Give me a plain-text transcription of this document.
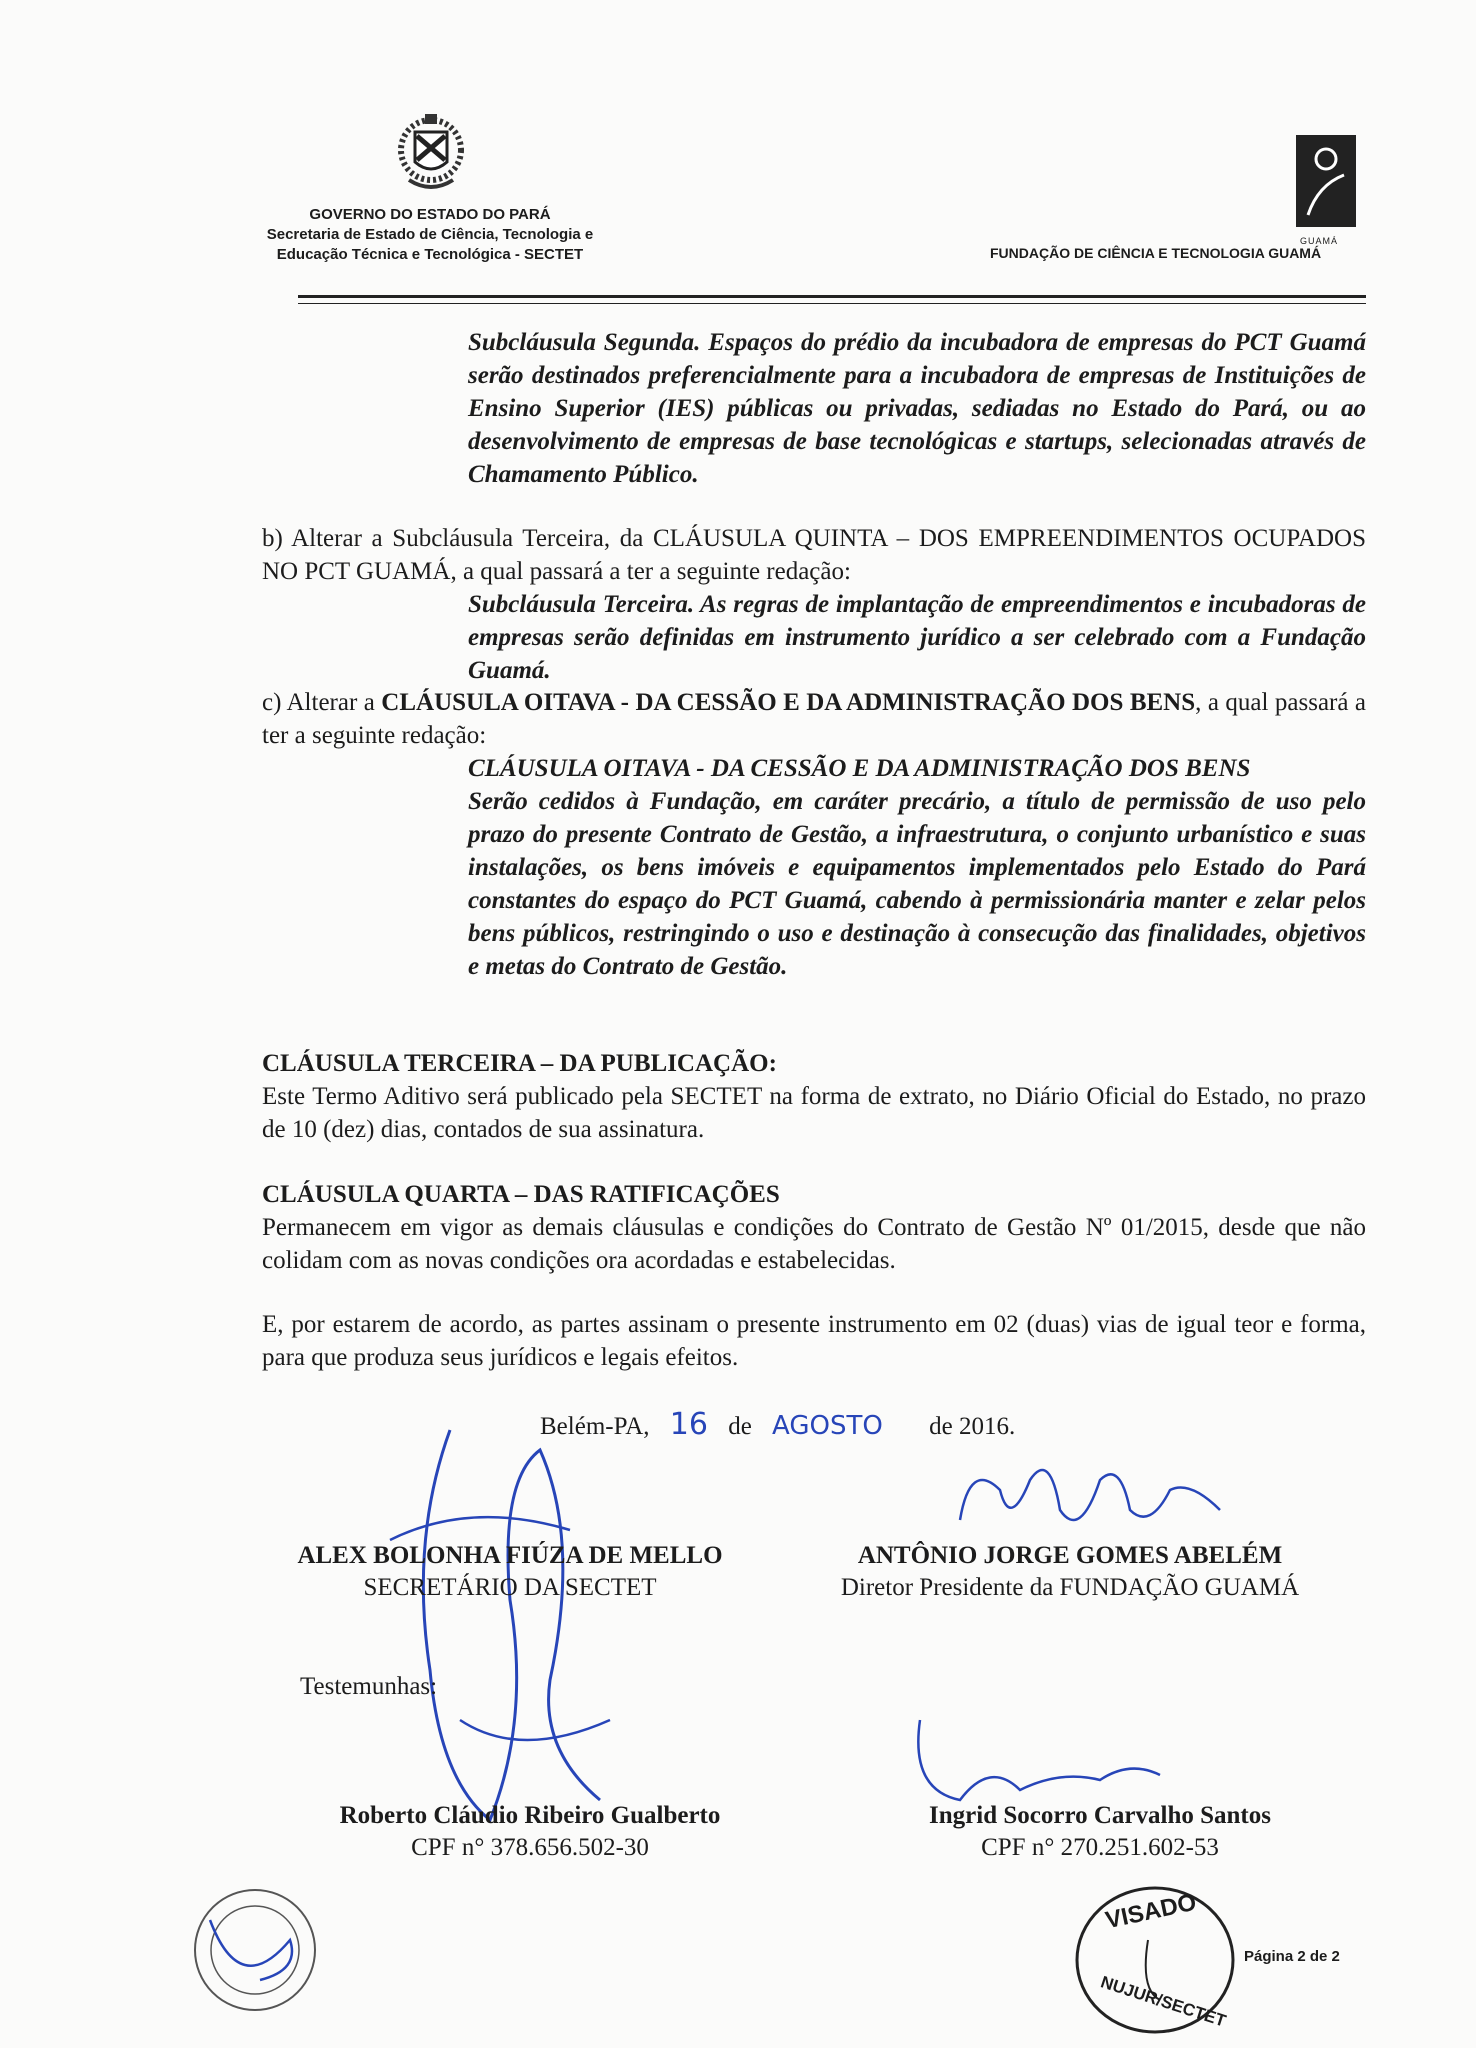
GOVERNO DO ESTADO DO PARÁ
Secretaria de Estado de Ciência, Tecnologia e
Educação Técnica e Tecnológica - SECTET
GUAMÁ
FUNDAÇÃO DE CIÊNCIA E TECNOLOGIA GUAMÁ

Subcláusula Segunda. Espaços do prédio da incubadora de empresas do PCT Guamá serão destinados preferencialmente para a incubadora de empresas de Instituições de Ensino Superior (IES) públicas ou privadas, sediadas no Estado do Pará, ou ao desenvolvimento de empresas de base tecnológicas e startups, selecionadas através de Chamamento Público.

b) Alterar a Subcláusula Terceira, da CLÁUSULA QUINTA – DOS EMPREENDIMENTOS OCUPADOS NO PCT GUAMÁ, a qual passará a ter a seguinte redação:

Subcláusula Terceira. As regras de implantação de empreendimentos e incubadoras de empresas serão definidas em instrumento jurídico a ser celebrado com a Fundação Guamá.

c) Alterar a CLÁUSULA OITAVA - DA CESSÃO E DA ADMINISTRAÇÃO DOS BENS, a qual passará a ter a seguinte redação:

CLÁUSULA OITAVA - DA CESSÃO E DA ADMINISTRAÇÃO DOS BENS

Serão cedidos à Fundação, em caráter precário, a título de permissão de uso pelo prazo do presente Contrato de Gestão, a infraestrutura, o conjunto urbanístico e suas instalações, os bens imóveis e equipamentos implementados pelo Estado do Pará constantes do espaço do PCT Guamá, cabendo à permissionária manter e zelar pelos bens públicos, restringindo o uso e destinação à consecução das finalidades, objetivos e metas do Contrato de Gestão.

CLÁUSULA TERCEIRA – DA PUBLICAÇÃO:

Este Termo Aditivo será publicado pela SECTET na forma de extrato, no Diário Oficial do Estado, no prazo de 10 (dez) dias, contados de sua assinatura.

CLÁUSULA QUARTA – DAS RATIFICAÇÕES

Permanecem em vigor as demais cláusulas e condições do Contrato de Gestão Nº 01/2015, desde que não colidam com as novas condições ora acordadas e estabelecidas.

E, por estarem de acordo, as partes assinam o presente instrumento em 02 (duas) vias de igual teor e forma, para que produza seus jurídicos e legais efeitos.

Belém-PA, 16 de AGOSTO de 2016.
ALEX BOLONHA FIÚZA DE MELLO
SECRETÁRIO DA SECTET
ANTÔNIO JORGE GOMES ABELÉM
Diretor Presidente da FUNDAÇÃO GUAMÁ
Testemunhas:
Roberto Cláudio Ribeiro Gualberto
CPF n° 378.656.502-30
Ingrid Socorro Carvalho Santos
CPF n° 270.251.602-53
VISADO
NUJUR/SECTET
Página 2 de 2
